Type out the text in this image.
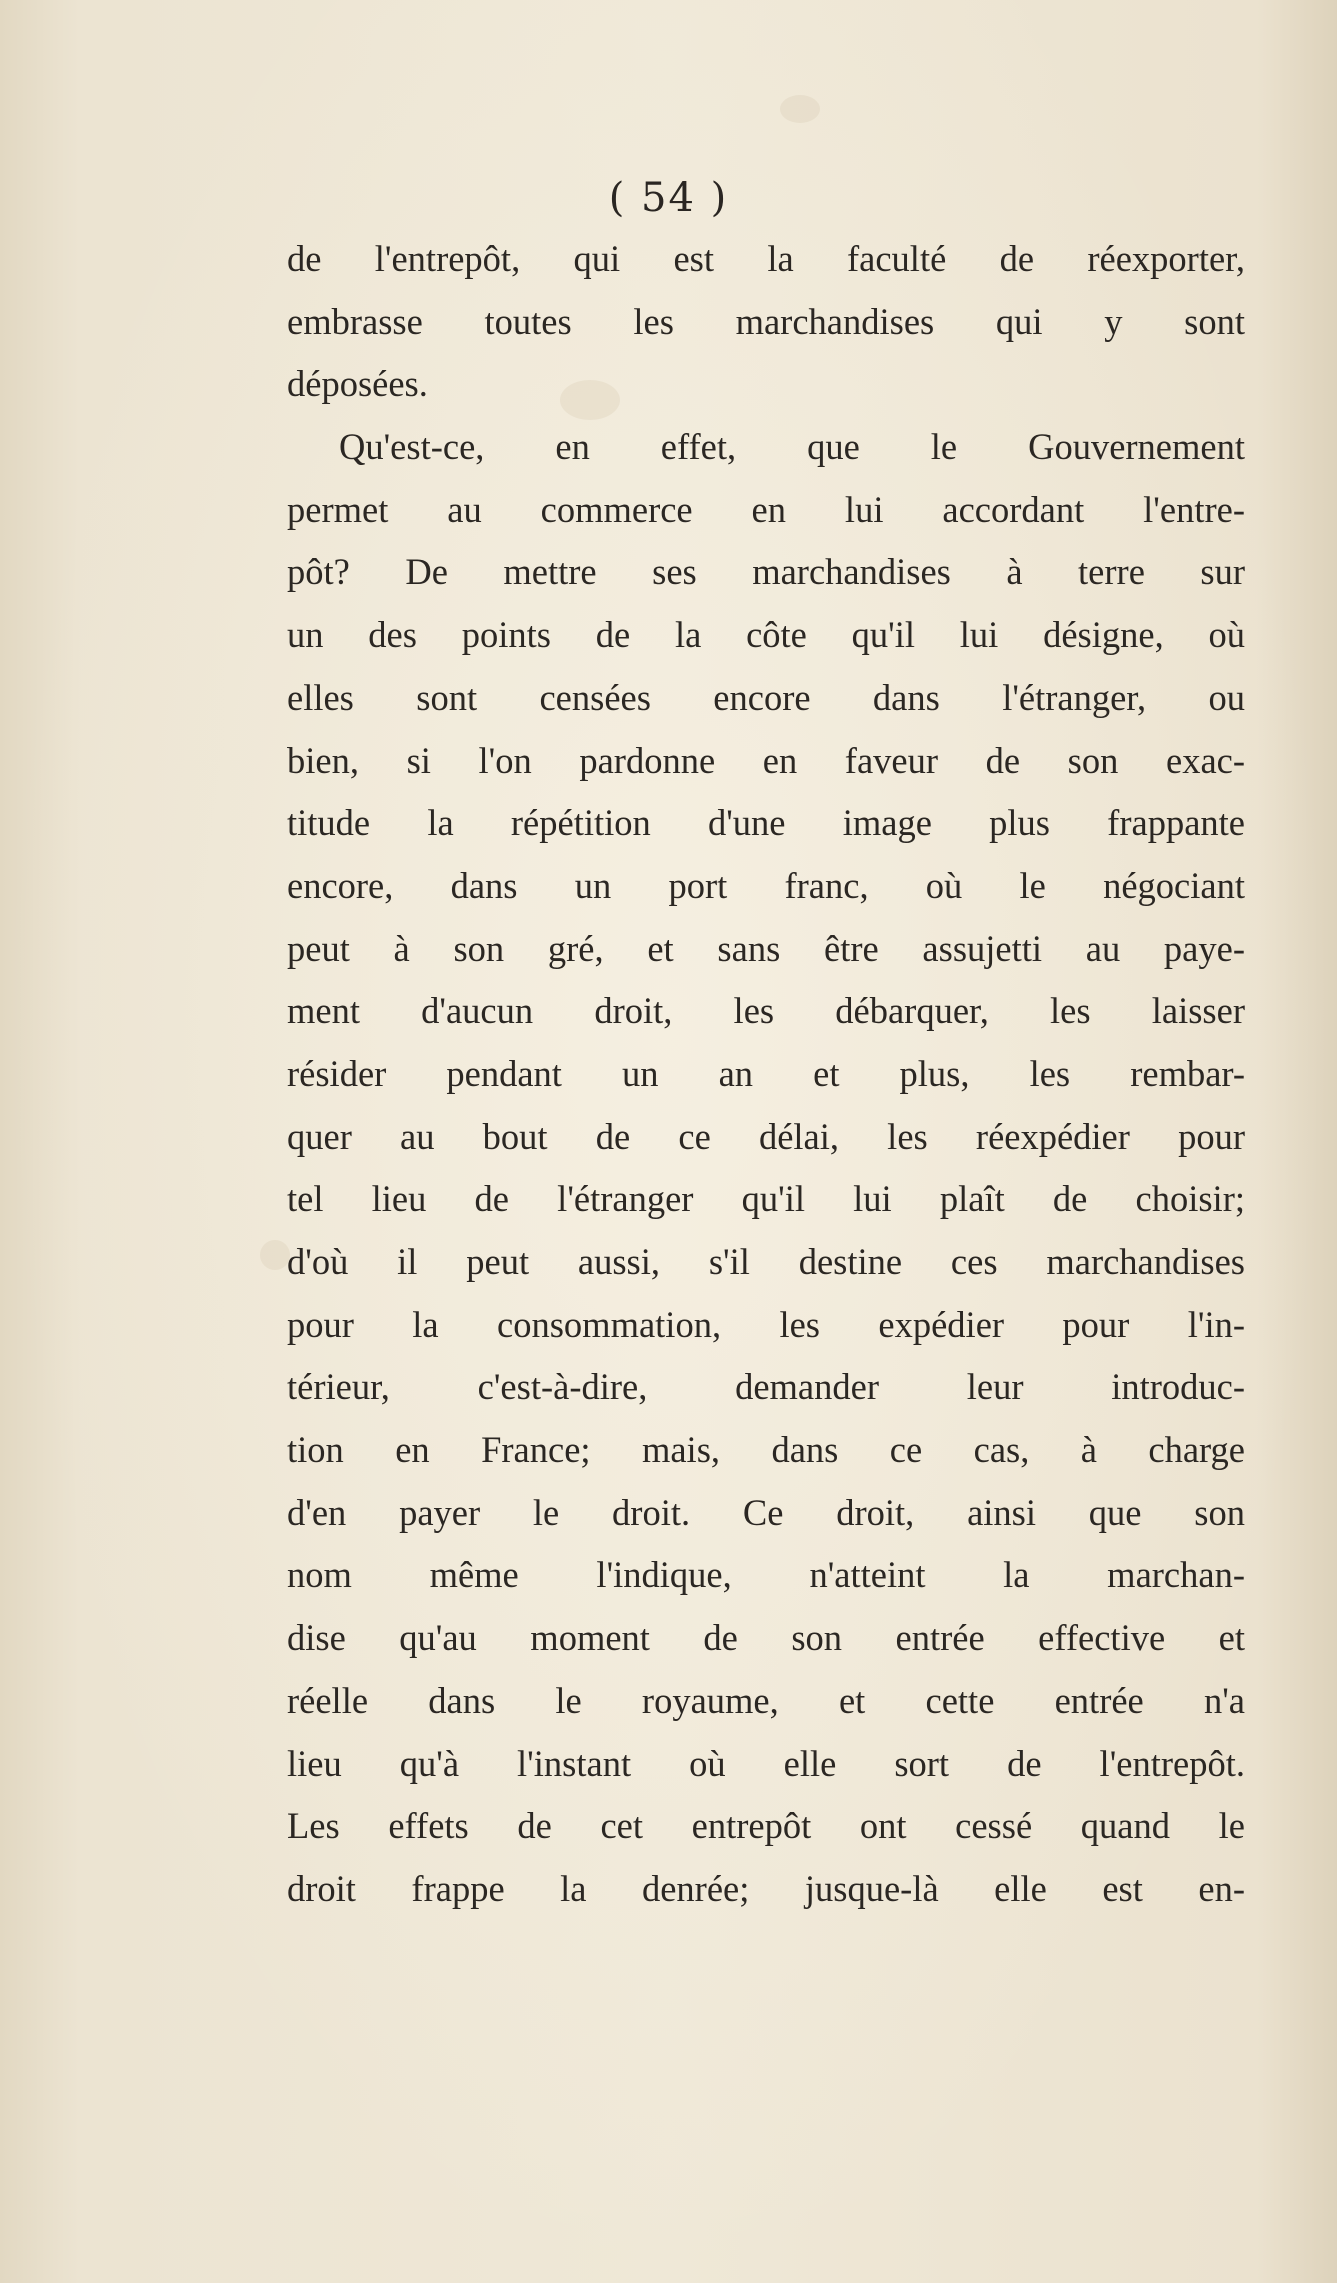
( 54 )
de l'entrepôt, qui est la faculté de réexporter,
embrasse toutes les marchandises qui y sont
déposées.
Qu'est-ce, en effet, que le Gouvernement
permet au commerce en lui accordant l'entre-
pôt? De mettre ses marchandises à terre sur
un des points de la côte qu'il lui désigne, où
elles sont censées encore dans l'étranger, ou
bien, si l'on pardonne en faveur de son exac-
titude la répétition d'une image plus frappante
encore, dans un port franc, où le négociant
peut à son gré, et sans être assujetti au paye-
ment d'aucun droit, les débarquer, les laisser
résider pendant un an et plus, les rembar-
quer au bout de ce délai, les réexpédier pour
tel lieu de l'étranger qu'il lui plaît de choisir;
d'où il peut aussi, s'il destine ces marchandises
pour la consommation, les expédier pour l'in-
térieur, c'est-à-dire, demander leur introduc-
tion en France; mais, dans ce cas, à charge
d'en payer le droit. Ce droit, ainsi que son
nom même l'indique, n'atteint la marchan-
dise qu'au moment de son entrée effective et
réelle dans le royaume, et cette entrée n'a
lieu qu'à l'instant où elle sort de l'entrepôt.
Les effets de cet entrepôt ont cessé quand le
droit frappe la denrée; jusque-là elle est en-
